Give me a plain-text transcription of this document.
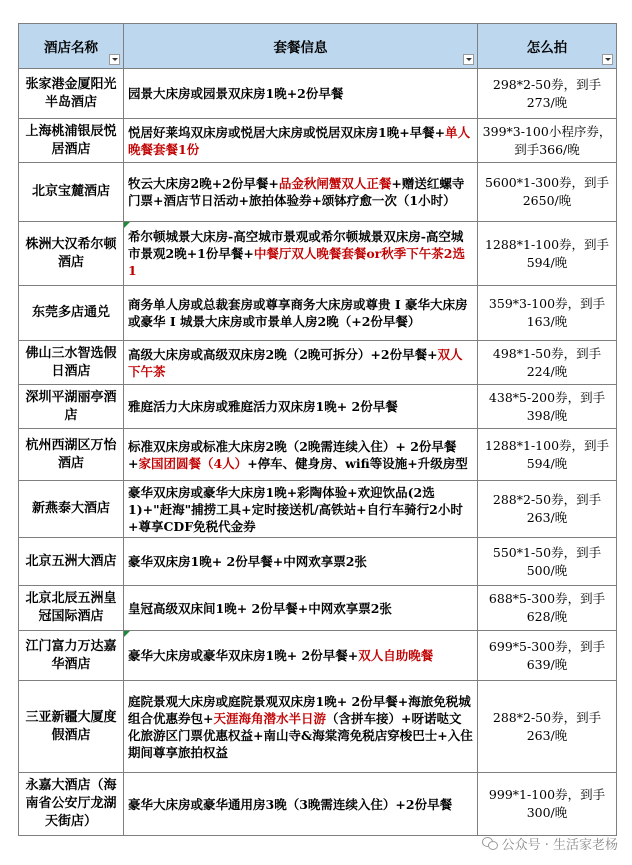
酒店名称	套餐信息	怎么拍

张家港金厦阳光半岛酒店	园景大床房或园景双床房1晚+2份早餐	298*2-50券，到手273/晚
上海桃浦银辰悦居酒店	悦居好莱坞双床房或悦居大床房或悦居双床房1晚+早餐+单人晚餐套餐1份	399*3-100小程序券，到手366/晚
北京宝麓酒店	牧云大床房2晚+2份早餐+品金秋闸蟹双人正餐+赠送红螺寺门票+酒店节日活动+旅拍体验券+颂钵疗愈一次（1小时）	5600*1-300券，到手2650/晚
株洲大汉希尔顿酒店	希尔顿城景大床房-高空城市景观或希尔顿城景双床房-高空城市景观2晚+1份早餐+中餐厅双人晚餐套餐or秋季下午茶2选1	1288*1-100券，到手594/晚
东莞多店通兑	商务单人房或总裁套房或尊享商务大床房或尊贵 I 豪华大床房或豪华 I 城景大床房或市景单人房2晚（+2份早餐）	359*3-100券，到手163/晚
佛山三水智选假日酒店	高级大床房或高级双床房2晚（2晚可拆分）+2份早餐+双人下午茶	498*1-50券，到手224/晚
深圳平湖丽亭酒店	雅庭活力大床房或雅庭活力双床房1晚+ 2份早餐	438*5-200券，到手398/晚
杭州西湖区万怡酒店	标准双床房或标准大床房2晚（2晚需连续入住）+ 2份早餐+家国团圆餐（4人）+停车、健身房、wifi等设施+升级房型	1288*1-100券，到手594/晚
新燕泰大酒店	豪华双床房或豪华大床房1晚+彩陶体验+欢迎饮品(2选1)+"赶海"捕捞工具+定时接送机/高铁站+自行车骑行2小时+尊享CDF免税代金券	288*2-50券，到手263/晚
北京五洲大酒店	豪华双床房1晚+ 2份早餐+中网欢享票2张	550*1-50券，到手500/晚
北京北辰五洲皇冠国际酒店	皇冠高级双床间1晚+ 2份早餐+中网欢享票2张	688*5-300券，到手628/晚
江门富力万达嘉华酒店	豪华大床房或豪华双床房1晚+ 2份早餐+双人自助晚餐	699*5-300券，到手639/晚
三亚新疆大厦度假酒店	庭院景观大床房或庭院景观双床房1晚+ 2份早餐+海旅免税城组合优惠券包+天涯海角潜水半日游（含拼车接）+呀诺哒文化旅游区门票优惠权益+南山寺&海棠湾免税店穿梭巴士+入住期间尊享旅拍权益	288*2-50券，到手263/晚
永嘉大酒店（海南省公安厅龙湖天街店）	豪华大床房或豪华通用房3晚（3晚需连续入住）+2份早餐	999*1-100券，到手300/晚
公众号 · 生活家老杨
